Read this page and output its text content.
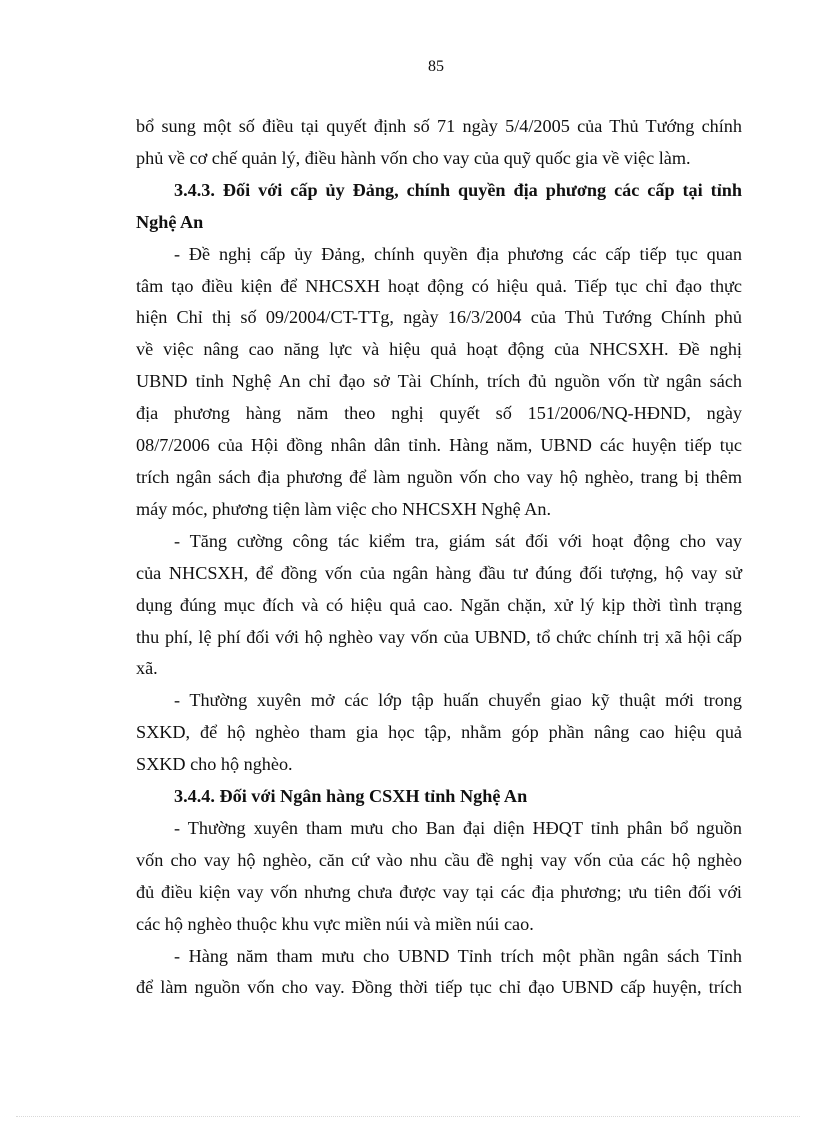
85

bổ sung một số điều tại quyết định số 71 ngày 5/4/2005 của Thủ Tướng chính

phủ về cơ chế quản lý, điều hành vốn cho vay của quỹ quốc gia về việc làm.

3.4.3. Đối với cấp ủy Đảng, chính quyền địa phương các cấp tại tỉnh

Nghệ An

- Đề nghị cấp ủy Đảng, chính quyền địa phương các cấp tiếp tục quan

tâm tạo điều kiện để NHCSXH hoạt động có hiệu quả. Tiếp tục chỉ đạo thực

hiện Chỉ thị số 09/2004/CT-TTg, ngày 16/3/2004 của Thủ Tướng Chính phủ

về việc nâng cao năng lực và hiệu quả hoạt động của NHCSXH. Đề nghị

UBND tỉnh Nghệ An chỉ đạo sở Tài Chính, trích đủ nguồn vốn từ ngân sách

địa phương hàng năm theo nghị quyết số 151/2006/NQ-HĐND, ngày

08/7/2006 của Hội đồng nhân dân tỉnh. Hàng năm, UBND các huyện tiếp tục

trích ngân sách địa phương để làm nguồn vốn cho vay hộ nghèo, trang bị thêm

máy móc, phương tiện làm việc cho NHCSXH Nghệ An.

- Tăng cường công tác kiểm tra, giám sát đối với hoạt động cho vay

của NHCSXH, để đồng vốn của ngân hàng đầu tư đúng đối tượng, hộ vay sử

dụng đúng mục đích và có hiệu quả cao. Ngăn chặn, xử lý kịp thời tình trạng

thu phí, lệ phí đối với hộ nghèo vay vốn của UBND, tổ chức chính trị xã hội cấp

xã.

- Thường xuyên mở các lớp tập huấn chuyển giao kỹ thuật mới trong

SXKD, để hộ nghèo tham gia học tập, nhằm góp phần nâng cao hiệu quả

SXKD cho hộ nghèo.

3.4.4. Đối với Ngân hàng CSXH tỉnh Nghệ An

- Thường xuyên tham mưu cho Ban đại diện HĐQT tỉnh phân bổ nguồn

vốn cho vay hộ nghèo, căn cứ vào nhu cầu đề nghị vay vốn của các hộ nghèo

đủ điều kiện vay vốn nhưng chưa được vay tại các địa phương; ưu tiên đối với

các hộ nghèo thuộc khu vực miền núi và miền núi cao.

- Hàng năm tham mưu cho UBND Tỉnh trích một phần ngân sách Tỉnh

để làm nguồn vốn cho vay. Đồng thời tiếp tục chỉ đạo UBND cấp huyện, trích
